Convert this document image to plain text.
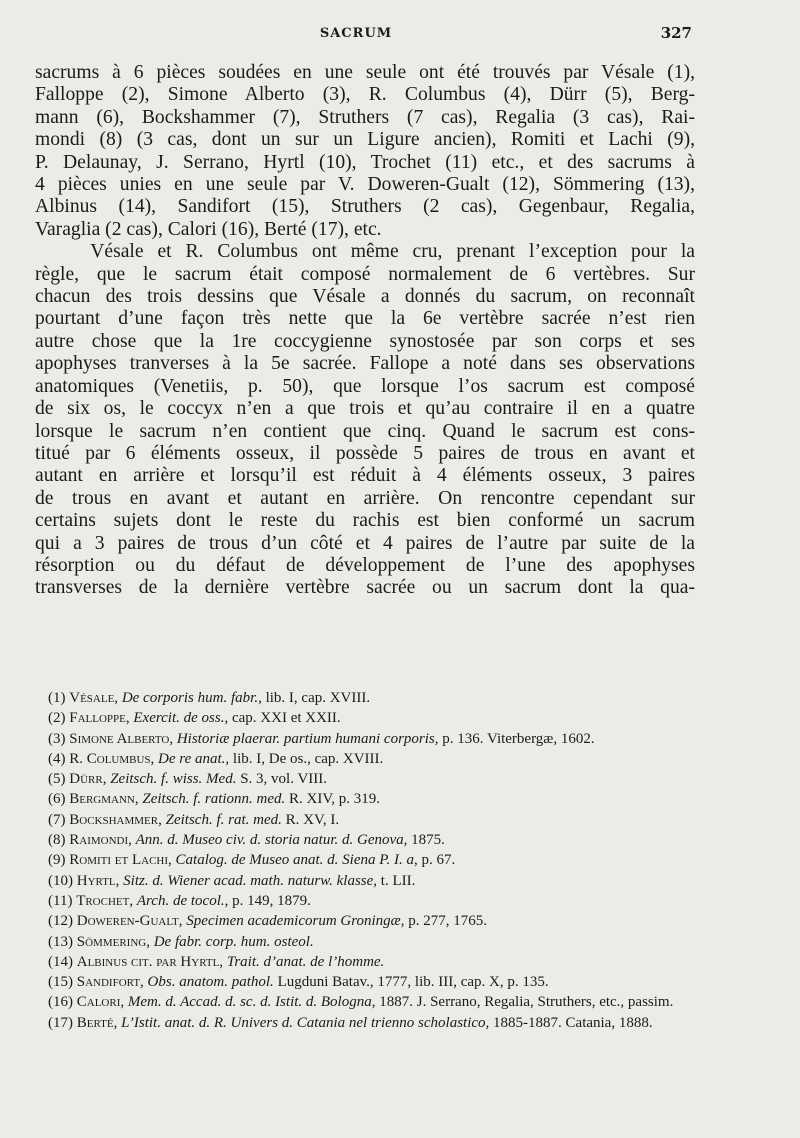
SACRUM	327

sacrums à 6 pièces soudées en une seule ont été trouvés par Vésale (1),

Falloppe (2), Simone Alberto (3), R. Columbus (4), Dürr (5), Berg-

mann (6), Bockshammer (7), Struthers (7 cas), Regalia (3 cas), Rai-

mondi (8) (3 cas, dont un sur un Ligure ancien), Romiti et Lachi (9),

P. Delaunay, J. Serrano, Hyrtl (10), Trochet (11) etc., et des sacrums à

4 pièces unies en une seule par V. Doweren-Gualt (12), Sömmering (13),

Albinus (14), Sandifort (15), Struthers (2 cas), Gegenbaur, Regalia,

Varaglia (2 cas), Calori (16), Berté (17), etc.

Vésale et R. Columbus ont même cru, prenant l’exception pour la

règle, que le sacrum était composé normalement de 6 vertèbres. Sur

chacun des trois dessins que Vésale a donnés du sacrum, on reconnaît

pourtant d’une façon très nette que la 6e vertèbre sacrée n’est rien

autre chose que la 1re coccygienne synostosée par son corps et ses

apophyses tranverses à la 5e sacrée. Fallope a noté dans ses observations

anatomiques (Venetiis, p. 50), que lorsque l’os sacrum est composé

de six os, le coccyx n’en a que trois et qu’au contraire il en a quatre

lorsque le sacrum n’en contient que cinq. Quand le sacrum est cons-

titué par 6 éléments osseux, il possède 5 paires de trous en avant et

autant en arrière et lorsqu’il est réduit à 4 éléments osseux, 3 paires

de trous en avant et autant en arrière. On rencontre cependant sur

certains sujets dont le reste du rachis est bien conformé un sacrum

qui a 3 paires de trous d’un côté et 4 paires de l’autre par suite de la

résorption ou du défaut de développement de l’une des apophyses

transverses de la dernière vertèbre sacrée ou un sacrum dont la qua-

(1) Vésale, De corporis hum. fabr., lib. I, cap. XVIII.

(2) Falloppe, Exercit. de oss., cap. XXI et XXII.

(3) Simone Alberto, Historiæ plaerar. partium humani corporis, p. 136. Viterbergæ, 1602.

(4) R. Columbus, De re anat., lib. I, De os., cap. XVIII.

(5) Dürr, Zeitsch. f. wiss. Med. S. 3, vol. VIII.

(6) Bergmann, Zeitsch. f. rationn. med. R. XIV, p. 319.

(7) Bockshammer, Zeitsch. f. rat. med. R. XV, I.

(8) Raimondi, Ann. d. Museo civ. d. storia natur. d. Genova, 1875.

(9) Romiti et Lachi, Catalog. de Museo anat. d. Siena P. I. a, p. 67.

(10) Hyrtl, Sitz. d. Wiener acad. math. naturw. klasse, t. LII.

(11) Trochet, Arch. de tocol., p. 149, 1879.

(12) Doweren-Gualt, Specimen academicorum Groningæ, p. 277, 1765.

(13) Sömmering, De fabr. corp. hum. osteol.

(14) Albinus cit. par Hyrtl, Trait. d’anat. de l’homme.

(15) Sandifort, Obs. anatom. pathol. Lugduni Batav., 1777, lib. III, cap. X, p. 135.

(16) Calori, Mem. d. Accad. d. sc. d. Istit. d. Bologna, 1887. J. Serrano, Regalia, Struthers, etc., passim.

(17) Berté, L’Istit. anat. d. R. Univers d. Catania nel trienno scholastico, 1885-1887. Catania, 1888.
